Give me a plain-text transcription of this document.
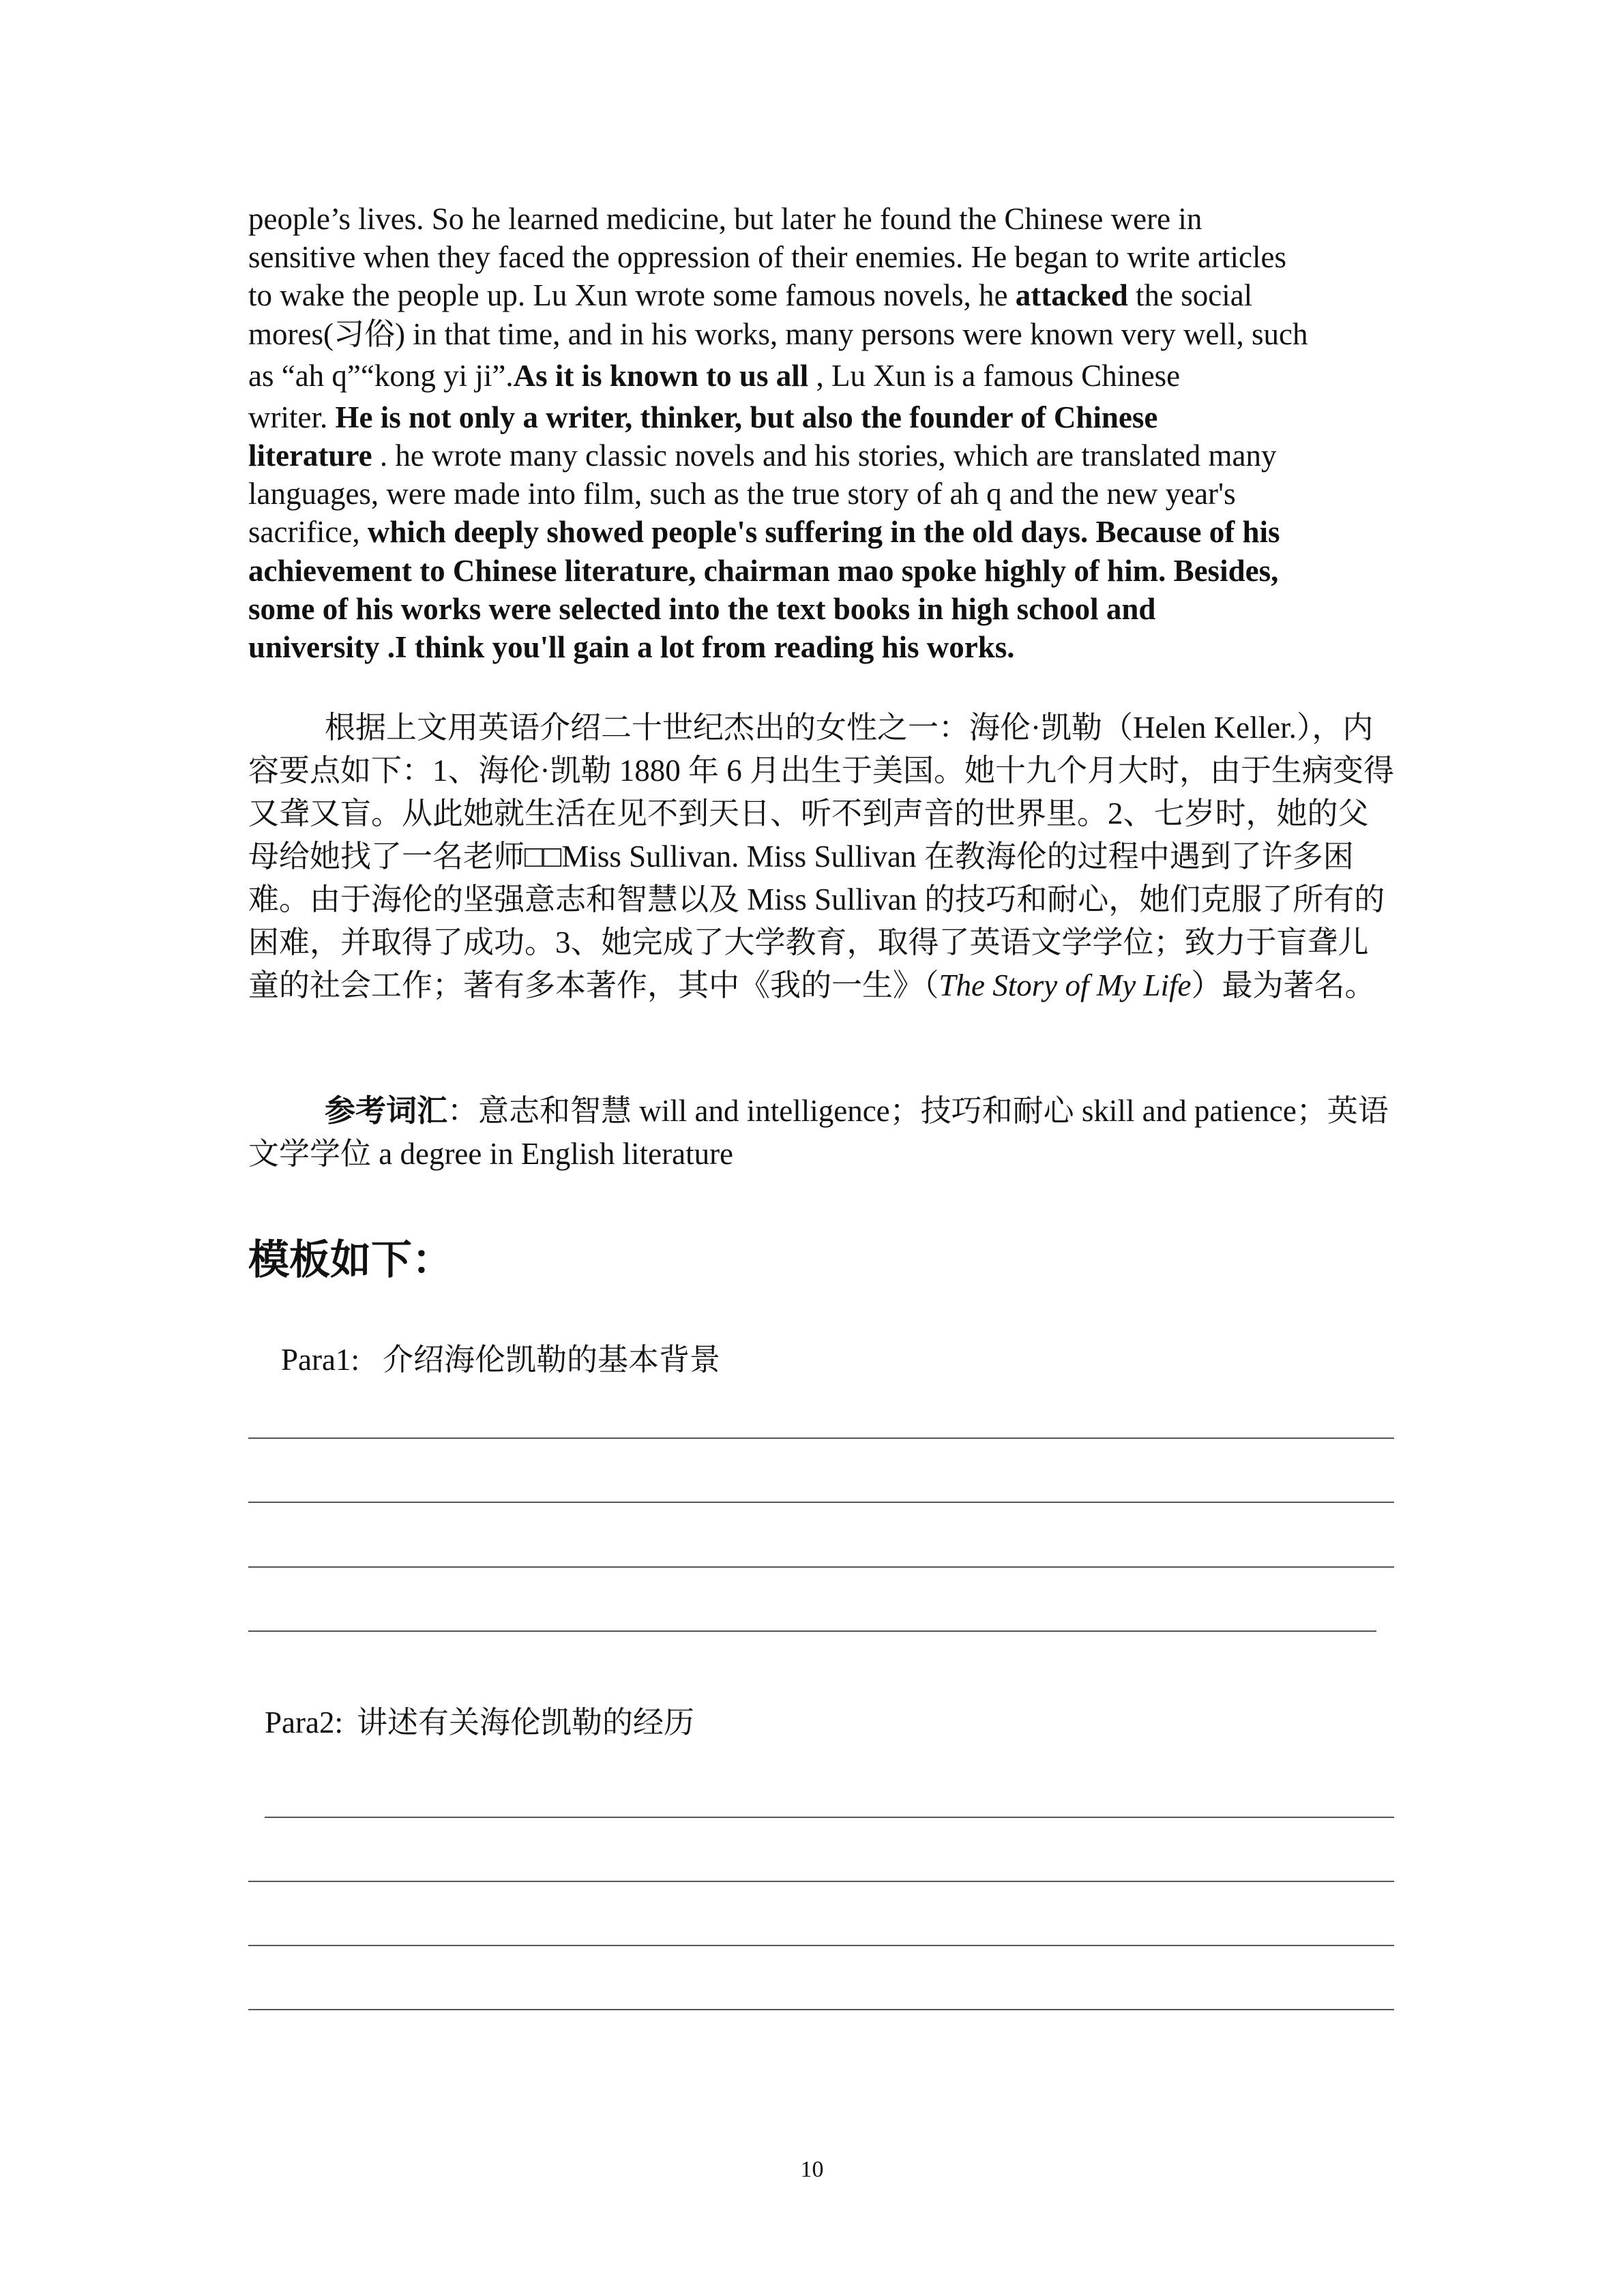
people’s lives. So he learned medicine, but later he found the Chinese were in

sensitive when they faced the oppression of their enemies. He began to write articles

to wake the people up. Lu Xun wrote some famous novels, he attacked the social

mores(习俗) in that time, and in his works, many persons were known very well, such

as “ah q”“kong yi ji”.As it is known to us all , Lu Xun is a famous Chinese

writer. He is not only a writer, thinker, but also the founder of Chinese

literature . he wrote many classic novels and his stories, which are translated many

languages, were made into film, such as the true story of ah q and the new year's

sacrifice, which deeply showed people's suffering in the old days. Because of his

achievement to Chinese literature, chairman mao spoke highly of him. Besides,

some of his works were selected into the text books in high school and

university .I think you'll gain a lot from reading his works.

根据上文用英语介绍二十世纪杰出的女性之一：海伦·凯勒（Helen Keller.），内容要点如下：1、海伦·凯勒 1880 年 6 月出生于美国。她十九个月大时，由于生病变得又聋又盲。从此她就生活在见不到天日、听不到声音的世界里。2、七岁时，她的父母给她找了一名老师□□Miss Sullivan. Miss Sullivan 在教海伦的过程中遇到了许多困难。由于海伦的坚强意志和智慧以及 Miss Sullivan 的技巧和耐心，她们克服了所有的困难，并取得了成功。3、她完成了大学教育，取得了英语文学学位；致力于盲聋儿童的社会工作；著有多本著作，其中《我的一生》（The Story of My Life）最为著名。

参考词汇：意志和智慧 will and intelligence；技巧和耐心 skill and patience；英语文学学位 a degree in English literature

模板如下：
Para1: 介绍海伦凯勒的基本背景
Para2: 讲述有关海伦凯勒的经历
10
